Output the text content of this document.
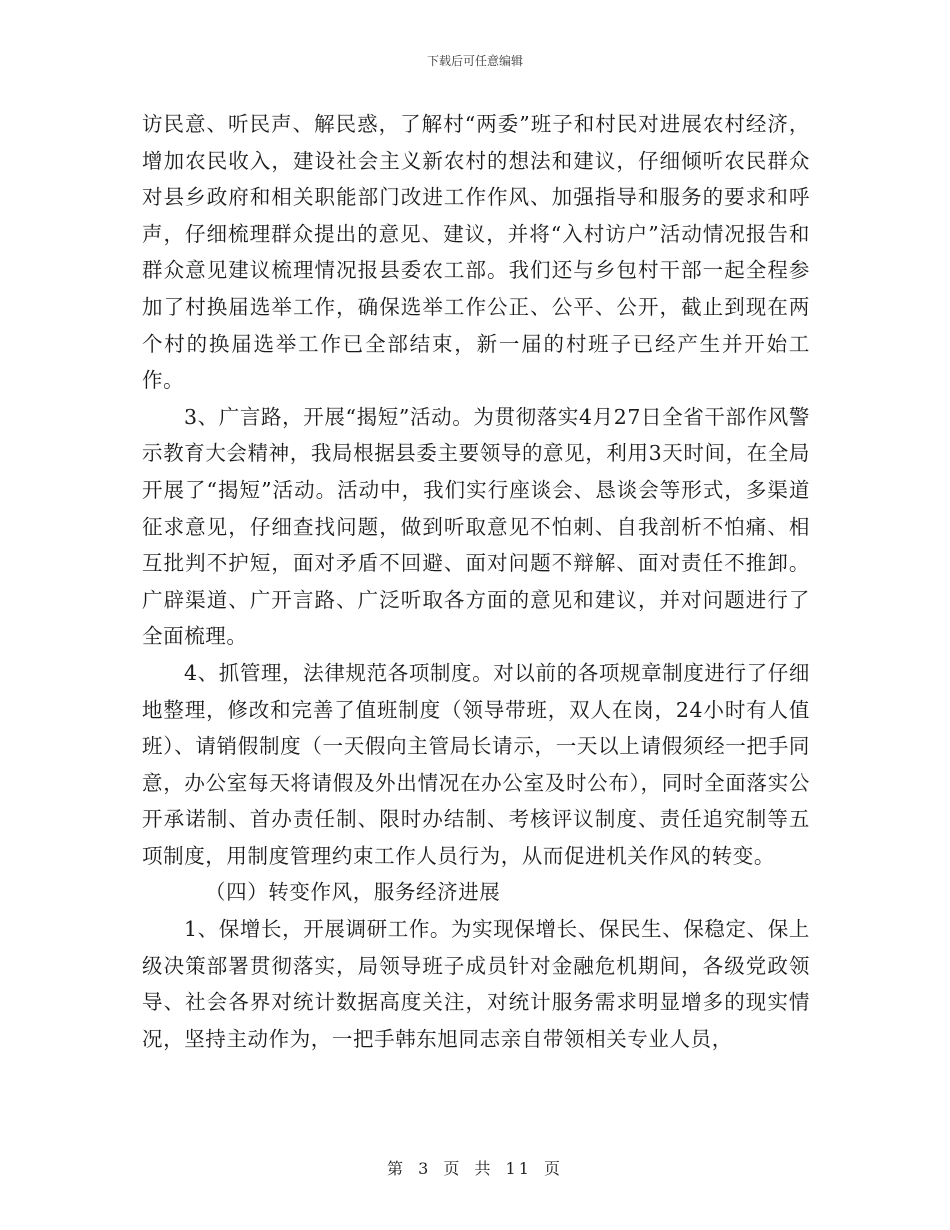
下载后可任意编辑

访民意、听民声、解民惑，了解村“两委”班子和村民对进展农村经济，增加农民收入，建设社会主义新农村的想法和建议，仔细倾听农民群众对县乡政府和相关职能部门改进工作作风、加强指导和服务的要求和呼声，仔细梳理群众提出的意见、建议，并将“入村访户”活动情况报告和群众意见建议梳理情况报县委农工部。我们还与乡包村干部一起全程参加了村换届选举工作，确保选举工作公正、公平、公开，截止到现在两个村的换届选举工作已全部结束，新一届的村班子已经产生并开始工作。

3、广言路，开展“揭短”活动。为贯彻落实4月27日全省干部作风警示教育大会精神，我局根据县委主要领导的意见，利用3天时间，在全局开展了“揭短”活动。活动中，我们实行座谈会、恳谈会等形式，多渠道征求意见，仔细查找问题，做到听取意见不怕刺、自我剖析不怕痛、相互批判不护短，面对矛盾不回避、面对问题不辩解、面对责任不推卸。广辟渠道、广开言路、广泛听取各方面的意见和建议，并对问题进行了全面梳理。

4、抓管理，法律规范各项制度。对以前的各项规章制度进行了仔细地整理，修改和完善了值班制度（领导带班，双人在岗，24小时有人值班）、请销假制度（一天假向主管局长请示，一天以上请假须经一把手同意，办公室每天将请假及外出情况在办公室及时公布），同时全面落实公开承诺制、首办责任制、限时办结制、考核评议制度、责任追究制等五项制度，用制度管理约束工作人员行为，从而促进机关作风的转变。

（四）转变作风，服务经济进展

1、保增长，开展调研工作。为实现保增长、保民生、保稳定、保上级决策部署贯彻落实，局领导班子成员针对金融危机期间，各级党政领导、社会各界对统计数据高度关注，对统计服务需求明显增多的现实情况，坚持主动作为，一把手韩东旭同志亲自带领相关专业人员，

第 3 页 共 11 页
